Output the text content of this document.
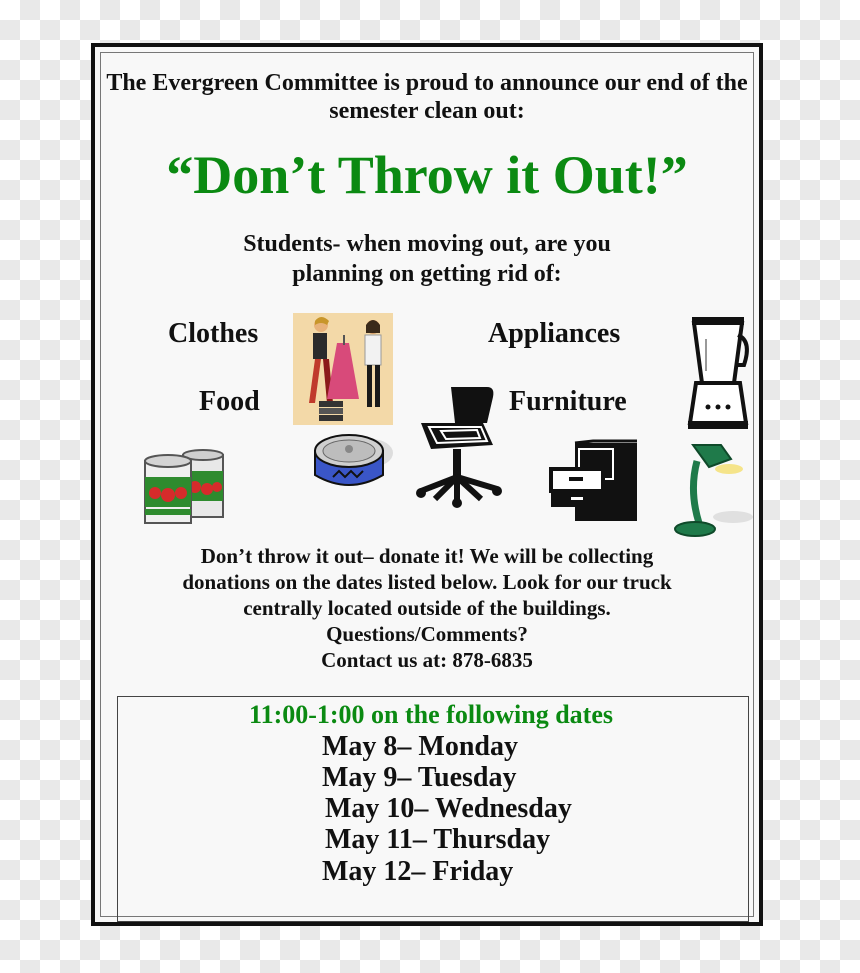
The Evergreen Committee is proud to announce our end of the semester clean out:
“Don’t Throw it Out!”
Students- when moving out, are you
planning on getting rid of:
Clothes
Food
Appliances
Furniture
Don’t throw it out– donate it! We will be collecting
donations on the dates listed below. Look for our truck
centrally located outside of the buildings.
Questions/Comments?
Contact us at: 878-6835
11:00-1:00 on the following dates
May 8– Monday
May 9– Tuesday
May 10– Wednesday
May 11– Thursday
May 12– Friday
